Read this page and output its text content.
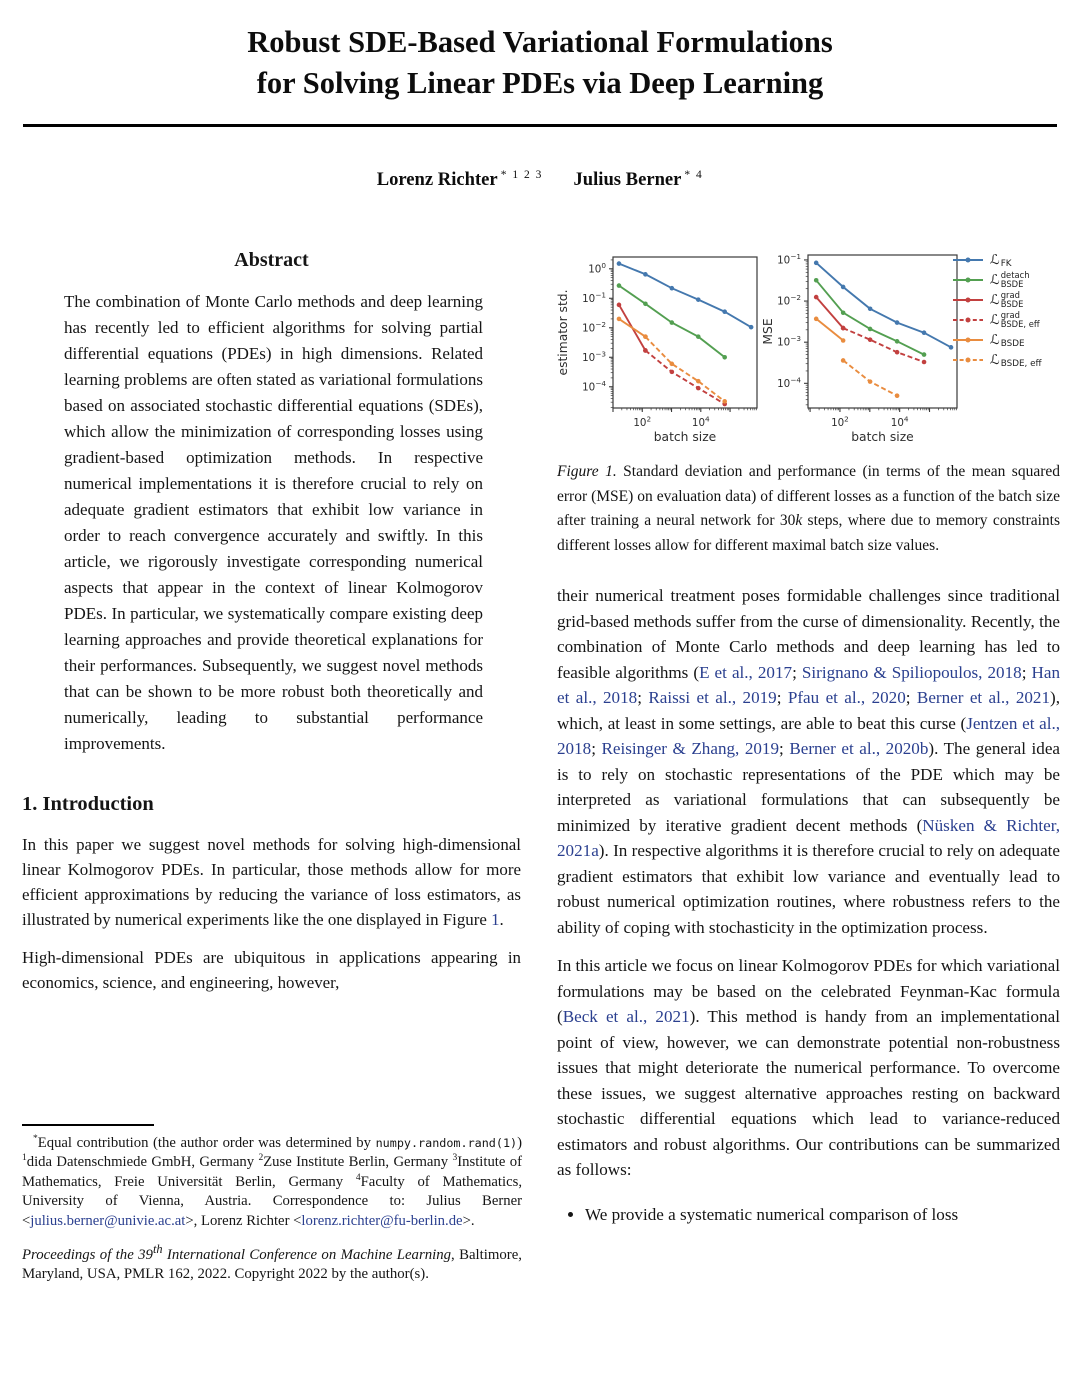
Robust SDE-Based Variational Formulations
for Solving Linear PDEs via Deep Learning
Lorenz Richter $^{* 1 2 3}$ Julius Berner $^{* 4}$
Abstract

The combination of Monte Carlo methods and deep learning has recently led to efficient algorithms for solving partial differential equations (PDEs) in high dimensions. Related learning problems are often stated as variational formulations based on associated stochastic differential equations (SDEs), which allow the minimization of corresponding losses using gradient-based optimization methods. In respective numerical implementations it is therefore crucial to rely on adequate gradient estimators that exhibit low variance in order to reach convergence accurately and swiftly. In this article, we rigorously investigate corresponding numerical aspects that appear in the context of linear Kolmogorov PDEs. In particular, we systematically compare existing deep learning approaches and provide theoretical explanations for their performances. Subsequently, we suggest novel methods that can be shown to be more robust both theoretically and numerically, leading to substantial performance improvements.

1. Introduction

In this paper we suggest novel methods for solving high-dimensional linear Kolmogorov PDEs. In particular, those methods allow for more efficient approximations by reducing the variance of loss estimators, as illustrated by numerical experiments like the one displayed in Figure 1.

High-dimensional PDEs are ubiquitous in applications appearing in economics, science, and engineering, however,

*Equal contribution (the author order was determined by numpy.random.rand(1)) $^1$dida Datenschmiede GmbH, Germany $^2$Zuse Institute Berlin, Germany $^3$Institute of Mathematics, Freie Universität Berlin, Germany $^4$Faculty of Mathematics, University of Vienna, Austria. Correspondence to: Julius Berner <julius.berner@univie.ac.at>, Lorenz Richter <lorenz.richter@fu-berlin.de>.

Proceedings of the 39th International Conference on Machine Learning, Baltimore, Maryland, USA, PMLR 162, 2022. Copyright 2022 by the author(s).

$10^2$	$10^4$
$10^{-4}$
$10^{-3}$
$10^{-2}$
$10^{-1}$
$10^0$
batch size
estimator std.
$10^2$	$10^4$
$10^{-4}$
$10^{-3}$
$10^{-2}$
$10^{-1}$
batch size
MSE
ℒ FK
ℒ detach
BSDE
ℒ grad
BSDE
ℒ grad
BSDE, eff
ℒ BSDE
ℒ BSDE, eff

Figure 1. Standard deviation and performance (in terms of the mean squared error (MSE) on evaluation data) of different losses as a function of the batch size after training a neural network for 30k steps, where due to memory constraints different losses allow for different maximal batch size values.

their numerical treatment poses formidable challenges since traditional grid-based methods suffer from the curse of dimensionality. Recently, the combination of Monte Carlo methods and deep learning has led to feasible algorithms (E et al., 2017; Sirignano & Spiliopoulos, 2018; Han et al., 2018; Raissi et al., 2019; Pfau et al., 2020; Berner et al., 2021), which, at least in some settings, are able to beat this curse (Jentzen et al., 2018; Reisinger & Zhang, 2019; Berner et al., 2020b). The general idea is to rely on stochastic representations of the PDE which may be interpreted as variational formulations that can subsequently be minimized by iterative gradient decent methods (Nüsken & Richter, 2021a). In respective algorithms it is therefore crucial to rely on adequate gradient estimators that exhibit low variance and eventually lead to robust numerical optimization routines, where robustness refers to the ability of coping with stochasticity in the optimization process.

In this article we focus on linear Kolmogorov PDEs for which variational formulations may be based on the celebrated Feynman-Kac formula (Beck et al., 2021). This method is handy from an implementational point of view, however, we can demonstrate potential non-robustness issues that might deteriorate the numerical performance. To overcome these issues, we suggest alternative approaches resting on backward stochastic differential equations which lead to variance-reduced estimators and robust algorithms. Our contributions can be summarized as follows:

• We provide a systematic numerical comparison of loss
